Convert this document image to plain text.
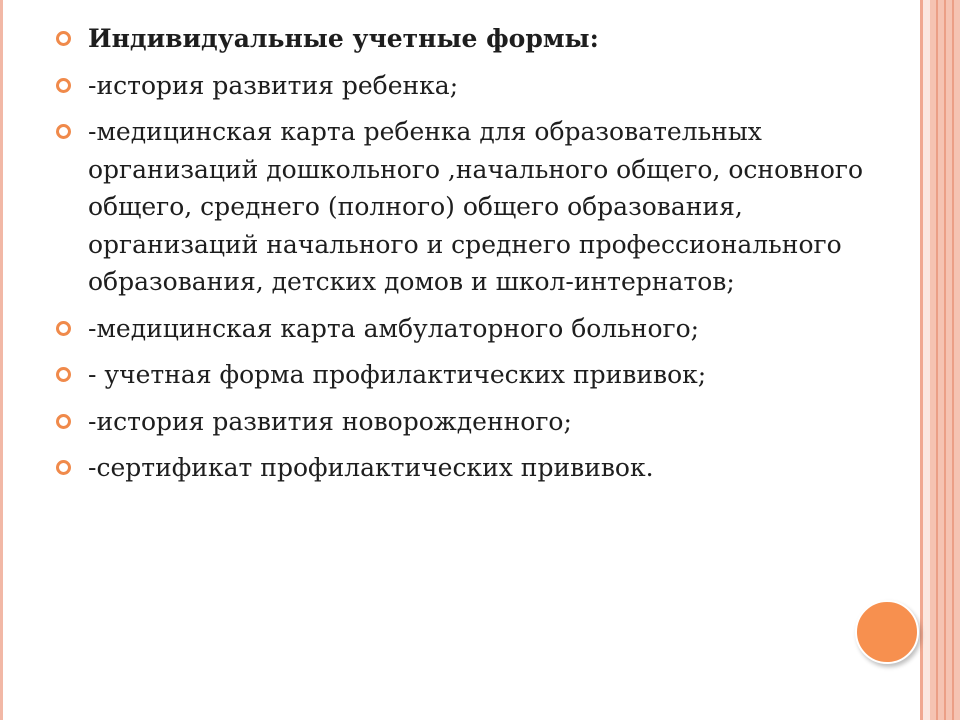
Индивидуальные учетные формы:
-история развития ребенка;
-медицинская карта ребенка для образовательных организаций дошкольного ,начального общего, основного общего, среднего (полного) общего образования, организаций начального и среднего профессионального образования, детских домов и школ-интернатов;
-медицинская карта амбулаторного больного;
- учетная форма профилактических прививок;
-история развития новорожденного;
-сертификат профилактических прививок.
